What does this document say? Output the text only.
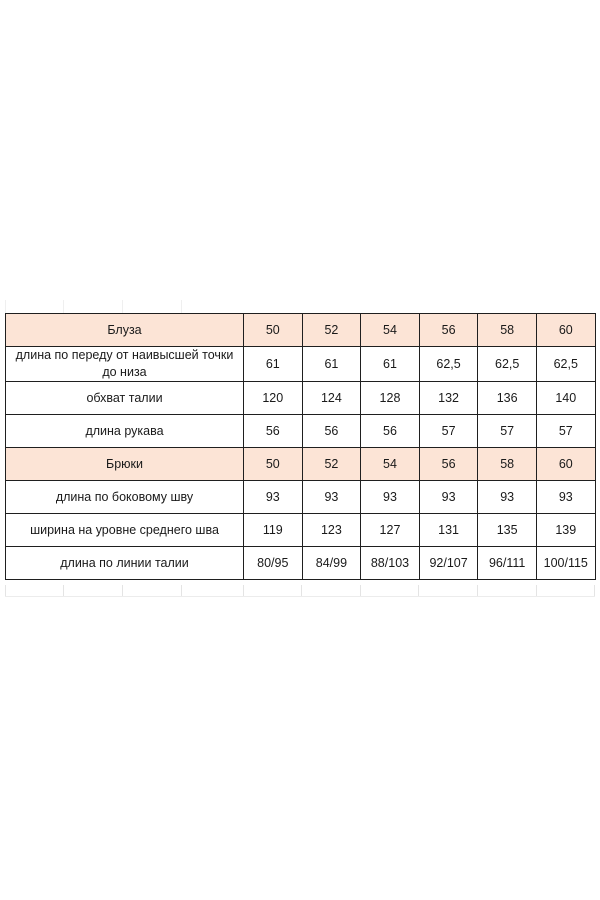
Блуза	50	52	54	56	58	60
длина по переду от наивысшей точки до низа	61	61	61	62,5	62,5	62,5
обхват талии	120	124	128	132	136	140
длина рукава	56	56	56	57	57	57
Брюки	50	52	54	56	58	60
длина по боковому шву	93	93	93	93	93	93
ширина на уровне среднего шва	119	123	127	131	135	139
длина по линии талии	80/95	84/99	88/103	92/107	96/111	100/115
